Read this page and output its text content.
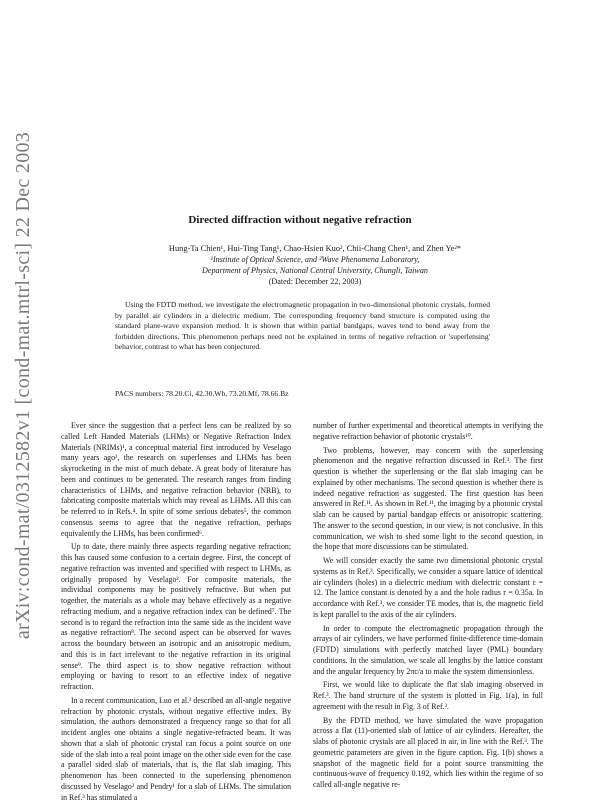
arXiv:cond-mat/0312582v1 [cond-mat.mtrl-sci] 22 Dec 2003	Directed diffraction without negative refraction
Hung-Ta Chien¹, Hui-Ting Tang¹, Chao-Hsien Kuo², Chii-Chang Chen¹, and Zhen Ye²*
¹Institute of Optical Science, and ²Wave Phenomena Laboratory,
Department of Physics, National Central University, Chungli, Taiwan
(Dated: December 22, 2003)
Using the FDTD method, we investigate the electromagnetic propagation in two-dimensional photonic crystals, formed by parallel air cylinders in a dielectric medium. The corresponding frequency band structure is computed using the standard plane-wave expansion method. It is shown that within partial bandgaps, waves tend to bend away from the forbidden directions. This phenomenon perhaps need not be explained in terms of negative refraction or 'superlensing' behavior, contrast to what has been conjectured.
PACS numbers: 78.20.Ci, 42.30.Wb, 73.20.Mf, 78.66.Bz

Ever since the suggestion that a perfect lens can be realized by so called Left Handed Materials (LHMs) or Negative Refraction Index Materials (NRIMs)¹, a conceptual material first introduced by Veselago many years ago², the research on superlenses and LHMs has been skyrocketing in the mist of much debate. A great body of literature has been and continues to be generated. The research ranges from finding characteristics of LHMs, and negative refraction behavior (NRB), to fabricating composite materials which may reveal as LHMs. All this can be referred to in Refs.⁴. In spite of some serious debates⁵, the common consensus seems to agree that the negative refraction, perhaps equivalently the LHMs, has been confirmed⁶.

Up to date, there mainly three aspects regarding negative refraction; this has caused some confusion to a certain degree. First, the concept of negative refraction was invented and specified with respect to LHMs, as originally proposed by Veselago². For composite materials, the individual components may be positively refractive. But when put together, the materials as a whole may behave effectively as a negative refracting medium, and a negative refraction index can be defined⁷. The second is to regard the refraction into the same side as the incident wave as negative refraction⁸. The second aspect can be observed for waves across the boundary between an isotropic and an anisotropic medium, and this is in fact irrelevant to the negative refraction in its original sense⁹. The third aspect is to show negative refraction without employing or having to resort to an effective index of negative refraction.

In a recent communication, Luo et al.³ described an all-angle negative refraction by photonic crystals, without negative effective index. By simulation, the authors demonstrated a frequency range so that for all incident angles one obtains a single negative-refracted beam. It was shown that a slab of photonic crystal can focus a point source on one side of the slab into a real point image on the other side even for the case a parallel sided slab of materials, that is, the flat slab imaging. This phenomenon has been connected to the superlensing phenomenon discussed by Veselago² and Pendry¹ for a slab of LHMs. The simulation in Ref.³ has stimulated a

number of further experimental and theoretical attempts in verifying the negative refraction behavior of photonic crystals¹⁰.

Two problems, however, may concern with the superlensing phenomenon and the negative refraction discussed in Ref.³. The first question is whether the superlensing or the flat slab imaging can be explained by other mechanisms. The second question is whether there is indeed negative refraction as suggested. The first question has been answered in Ref.¹¹. As shown in Ref.¹¹, the imaging by a photonic crystal slab can be caused by partial bandgap effects or anisotropic scattering. The answer to the second question, in our view, is not conclusive. In this communication, we wish to shed some light to the second question, in the hope that more discussions can be stimulated.

We will consider exactly the same two dimensional photonic crystal systems as in Ref.³. Specifically, we consider a square lattice of identical air cylinders (holes) in a dielectric medium with dielectric constant ε = 12. The lattice constant is denoted by a and the hole radius r = 0.35a. In accordance with Ref.³, we consider TE modes, that is, the magnetic field is kept parallel to the axis of the air cylinders.

In order to compute the electromagnetic propagation through the arrays of air cylinders, we have performed finite-difference time-domain (FDTD) simulations with perfectly matched layer (PML) boundary conditions. In the simulation, we scale all lengths by the lattice constant and the angular frequency by 2πc/a to make the system dimensionless.

First, we would like to duplicate the flat slab imaging observed in Ref.³. The band structure of the system is plotted in Fig. 1(a), in full agreement with the result in Fig. 3 of Ref.³.

By the FDTD method, we have simulated the wave propagation across a flat (11)-oriented slab of lattice of air cylinders. Hereafter, the slabs of photonic crystals are all placed in air, in line with the Ref.³. The geometric parameters are given in the figure caption. Fig. 1(b) shows a snapshot of the magnetic field for a point source transmitting the continuous-wave of frequency 0.192, which lies within the regime of so called all-angle negative re-
